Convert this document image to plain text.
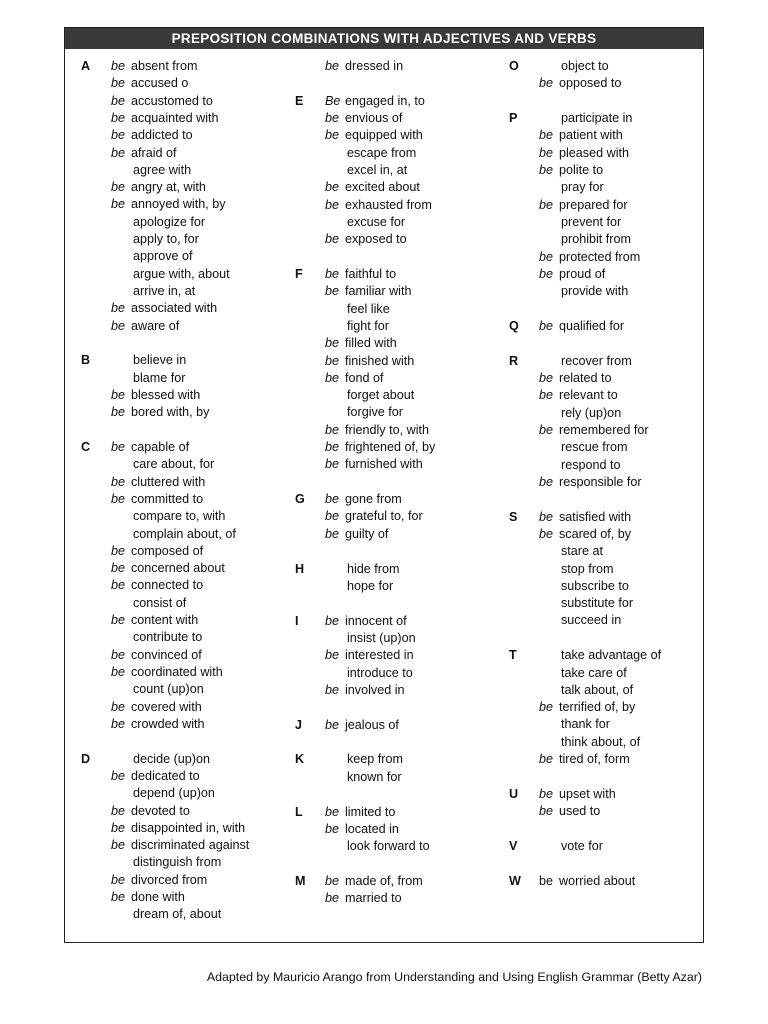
PREPOSITION COMBINATIONS WITH ADJECTIVES AND VERBS
A be absent from
be accused o
be accustomed to
be acquainted with
be addicted to
be afraid of
agree with
be angry at, with
be annoyed with, by
apologize for
apply to, for
approve of
argue with, about
arrive in, at
be associated with
be aware of
B	believe in
blame for
be blessed with
be bored with, by
C be capable of
care about, for
be cluttered with
be committed to
compare to, with
complain about, of
be composed of
be concerned about
be connected to
consist of
be content with
contribute to
be convinced of
be coordinated with
count (up)on
be covered with
be crowded with
D	decide (up)on
be dedicated to
depend (up)on
be devoted to
be disappointed in, with
be discriminated against
distinguish from
be divorced from
be done with
dream of, about
be dressed in
E Be engaged in, to
be envious of
be equipped with
escape from
excel in, at
be excited about
be exhausted from
excuse for
be exposed to
F be faithful to
be familiar with
feel like
fight for
be filled with
be finished with
be fond of
forget about
forgive for
be friendly to, with
be frightened of, by
be furnished with
G be gone from
be grateful to, for
be guilty of
H	hide from
hope for
I be innocent of
insist (up)on
be interested in
introduce to
be involved in
J be jealous of
K	keep from
known for
L be limited to
be located in
look forward to
M be made of, from
be married to
O	object to
be opposed to
P	participate in
be patient with
be pleased with
be polite to
pray for
be prepared for
prevent for
prohibit from
be protected from
be proud of
provide with
Q be qualified for
R	recover from
be related to
be relevant to
rely (up)on
be remembered for
rescue from
respond to
be responsible for
S be satisfied with
be scared of, by
stare at
stop from
subscribe to
substitute for
succeed in
T	take advantage of
take care of
talk about, of
be terrified of, by
thank for
think about, of
be tired of, form
U be upset with
be used to
V	vote for
W be worried about
Adapted by Mauricio Arango from Understanding and Using English Grammar (Betty Azar)
